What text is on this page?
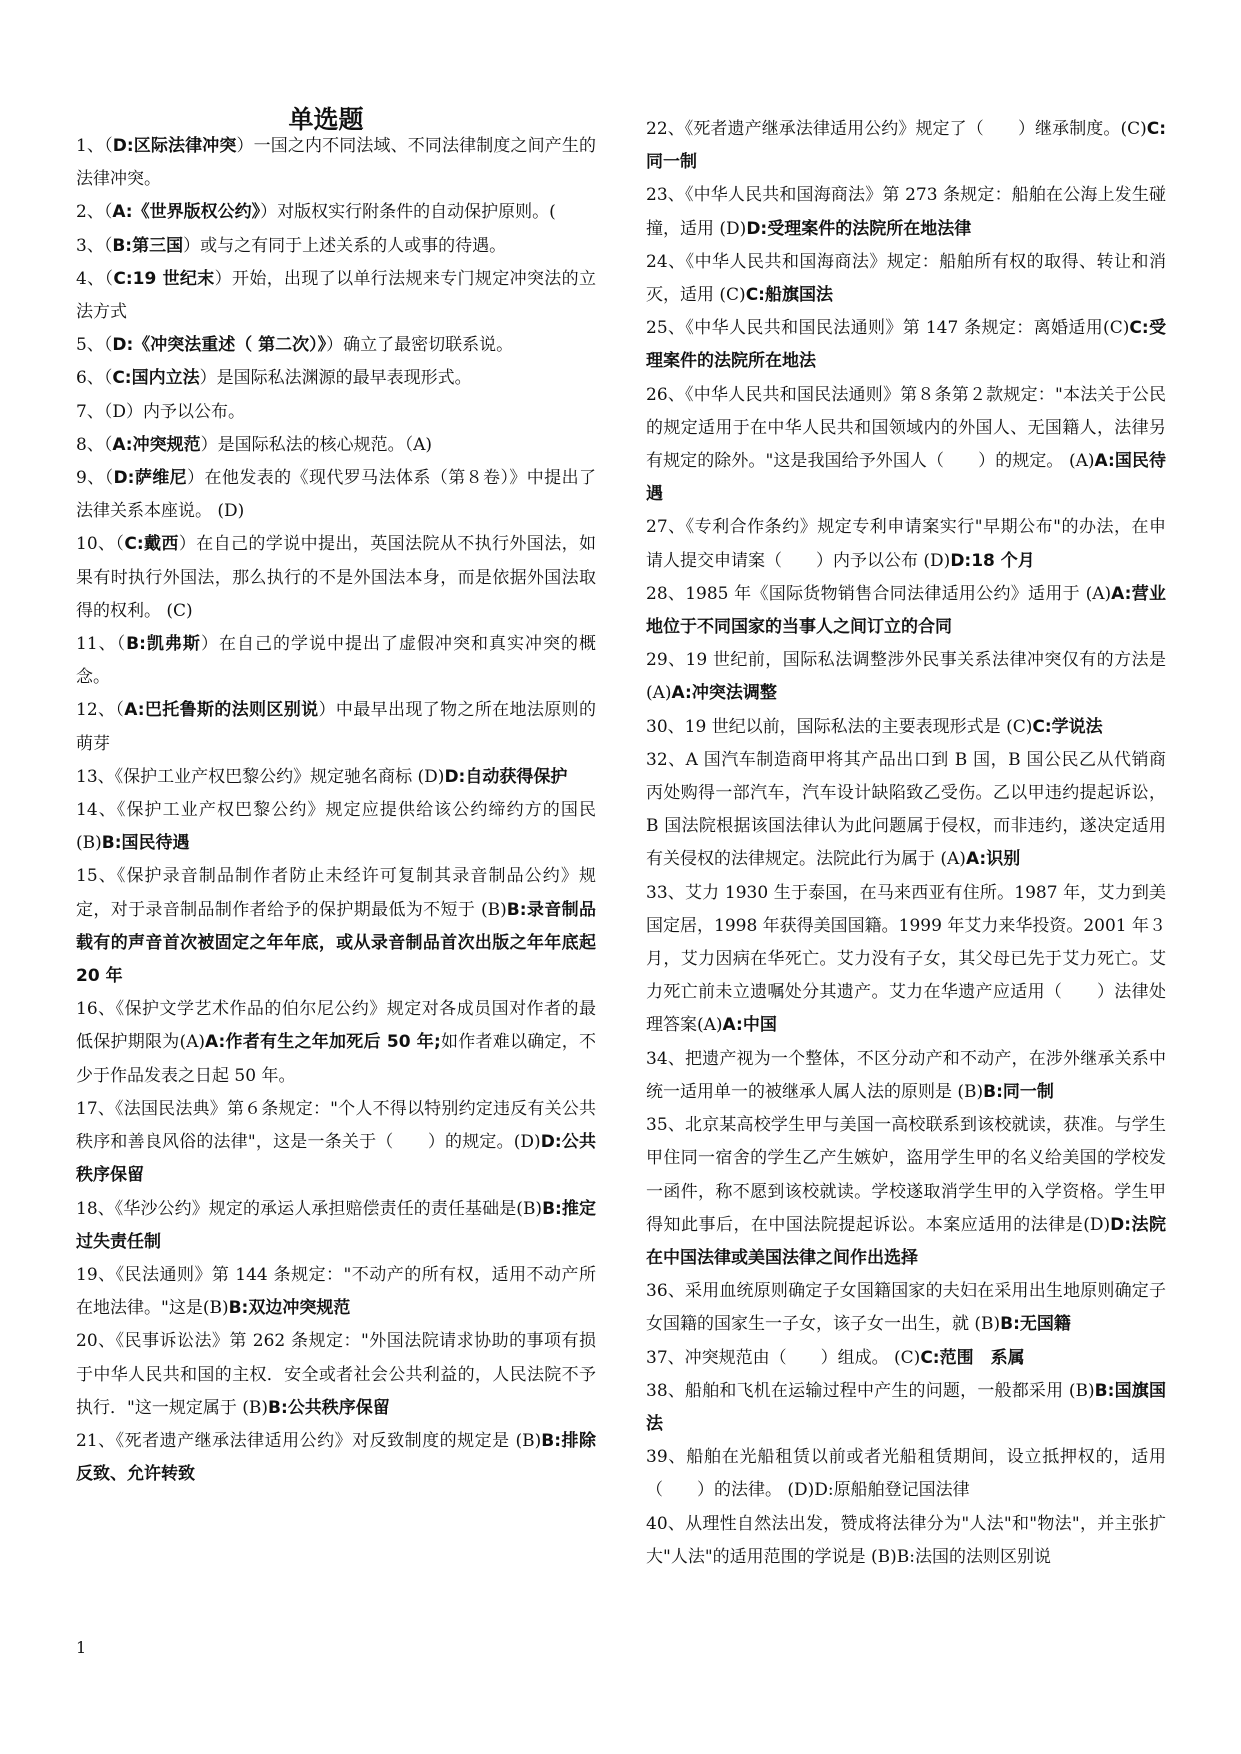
单选题

1、（D:区际法律冲突）一国之内不同法域、不同法律制度之间产生的法律冲突。

2、（A:《世界版权公约》）对版权实行附条件的自动保护原则。(

3、（B:第三国）或与之有同于上述关系的人或事的待遇。

4、（C:19 世纪末）开始，出现了以单行法规来专门规定冲突法的立法方式

5、（D:《冲突法重述（ 第二次）》）确立了最密切联系说。

6、（C:国内立法）是国际私法渊源的最早表现形式。

7、（D）内予以公布。

8、（A:冲突规范）是国际私法的核心规范。（A)

9、（D:萨维尼）在他发表的《现代罗马法体系（第８卷）》中提出了法律关系本座说。 (D)

10、（C:戴西）在自己的学说中提出，英国法院从不执行外国法，如果有时执行外国法，那么执行的不是外国法本身，而是依据外国法取得的权利。 (C)

11、（B:凯弗斯）在自己的学说中提出了虚假冲突和真实冲突的概念。

12、（A:巴托鲁斯的法则区别说）中最早出现了物之所在地法原则的萌芽

13、《保护工业产权巴黎公约》规定驰名商标 (D)D:自动获得保护

14、《保护工业产权巴黎公约》规定应提供给该公约缔约方的国民 (B)B:国民待遇

15、《保护录音制品制作者防止未经许可复制其录音制品公约》规定，对于录音制品制作者给予的保护期最低为不短于 (B)B:录音制品载有的声音首次被固定之年年底，或从录音制品首次出版之年年底起 20 年

16、《保护文学艺术作品的伯尔尼公约》规定对各成员国对作者的最低保护期限为(A)A:作者有生之年加死后 50 年;如作者难以确定，不少于作品发表之日起 50 年。

17、《法国民法典》第６条规定："个人不得以特别约定违反有关公共秩序和善良风俗的法律"，这是一条关于（　　）的规定。(D)D:公共秩序保留

18、《华沙公约》规定的承运人承担赔偿责任的责任基础是(B)B:推定过失责任制

19、《民法通则》第 144 条规定："不动产的所有权，适用不动产所在地法律。"这是(B)B:双边冲突规范

20、《民事诉讼法》第 262 条规定："外国法院请求协助的事项有损于中华人民共和国的主权．安全或者社会公共利益的，人民法院不予执行．"这一规定属于 (B)B:公共秩序保留

21、《死者遗产继承法律适用公约》对反致制度的规定是 (B)B:排除反致、允许转致

22、《死者遗产继承法律适用公约》规定了（　　）继承制度。(C)C:同一制

23、《中华人民共和国海商法》第 273 条规定：船舶在公海上发生碰撞，适用 (D)D:受理案件的法院所在地法律

24、《中华人民共和国海商法》规定：船舶所有权的取得、转让和消灭，适用 (C)C:船旗国法

25、《中华人民共和国民法通则》第 147 条规定：离婚适用(C)C:受理案件的法院所在地法

26、《中华人民共和国民法通则》第８条第２款规定："本法关于公民的规定适用于在中华人民共和国领域内的外国人、无国籍人，法律另有规定的除外。"这是我国给予外国人（　　）的规定。 (A)A:国民待遇

27、《专利合作条约》规定专利申请案实行"早期公布"的办法，在申请人提交申请案（　　）内予以公布 (D)D:18 个月

28、1985 年《国际货物销售合同法律适用公约》适用于 (A)A:营业地位于不同国家的当事人之间订立的合同

29、19 世纪前，国际私法调整涉外民事关系法律冲突仅有的方法是 (A)A:冲突法调整

30、19 世纪以前，国际私法的主要表现形式是 (C)C:学说法

32、A 国汽车制造商甲将其产品出口到 B 国，B 国公民乙从代销商丙处购得一部汽车，汽车设计缺陷致乙受伤。乙以甲违约提起诉讼，B 国法院根据该国法律认为此问题属于侵权，而非违约，遂决定适用有关侵权的法律规定。法院此行为属于 (A)A:识别

33、艾力 1930 生于泰国，在马来西亚有住所。1987 年，艾力到美国定居，1998 年获得美国国籍。1999 年艾力来华投资。2001 年３月，艾力因病在华死亡。艾力没有子女，其父母已先于艾力死亡。艾力死亡前未立遗嘱处分其遗产。艾力在华遗产应适用（　　）法律处理答案(A)A:中国

34、把遗产视为一个整体，不区分动产和不动产，在涉外继承关系中统一适用单一的被继承人属人法的原则是 (B)B:同一制

35、北京某高校学生甲与美国一高校联系到该校就读，获准。与学生甲住同一宿舍的学生乙产生嫉妒，盗用学生甲的名义给美国的学校发一函件，称不愿到该校就读。学校遂取消学生甲的入学资格。学生甲得知此事后，在中国法院提起诉讼。本案应适用的法律是(D)D:法院在中国法律或美国法律之间作出选择

36、采用血统原则确定子女国籍国家的夫妇在采用出生地原则确定子女国籍的国家生一子女，该子女一出生，就 (B)B:无国籍

37、冲突规范由（　　）组成。 (C)C:范围　系属

38、船舶和飞机在运输过程中产生的问题，一般都采用 (B)B:国旗国法

39、船舶在光船租赁以前或者光船租赁期间，设立抵押权的，适用（　　）的法律。 (D)D:原船舶登记国法律

40、从理性自然法出发，赞成将法律分为"人法"和"物法"，并主张扩大"人法"的适用范围的学说是 (B)B:法国的法则区别说

1
